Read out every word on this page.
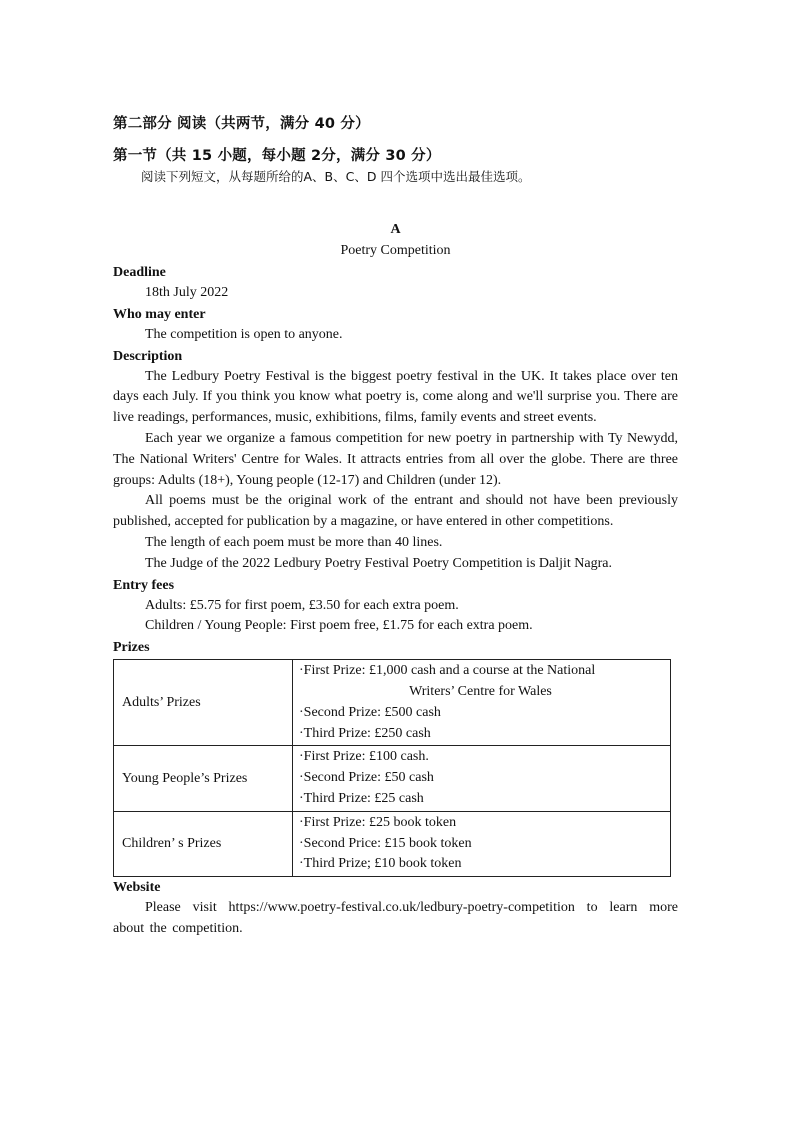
第二部分 阅读（共两节，满分 40 分）

第一节（共 15 小题，每小题 2分，满分 30 分）

阅读下列短文，从每题所给的A、B、C、D 四个选项中选出最佳选项。

A
Poetry Competition

Deadline

18th July 2022

Who may enter

The competition is open to anyone.

Description

The Ledbury Poetry Festival is the biggest poetry festival in the UK. It takes place over ten days each July. If you think you know what poetry is, come along and we'll surprise you. There are live readings, performances, music, exhibitions, films, family events and street events.

Each year we organize a famous competition for new poetry in partnership with Ty Newydd, The National Writers' Centre for Wales. It attracts entries from all over the globe. There are three groups: Adults (18+), Young people (12-17) and Children (under 12).

All poems must be the original work of the entrant and should not have been previously published, accepted for publication by a magazine, or have entered in other competitions.

The length of each poem must be more than 40 lines.

The Judge of the 2022 Ledbury Poetry Festival Poetry Competition is Daljit Nagra.

Entry fees

Adults: £5.75 for first poem, £3.50 for each extra poem.

Children / Young People: First poem free, £1.75 for each extra poem.

Prizes

Adults’ Prizes	·First Prize: £1,000 cash and a course at the National
Writers’ Centre for Wales
·Second Prize: £500 cash
·Third Prize: £250 cash

Young People’s Prizes	·First Prize: £100 cash.
·Second Prize: £50 cash
·Third Prize: £25 cash

Children’ s Prizes	·First Prize: £25 book token
·Second Price: £15 book token
·Third Prize; £10 book token

Website

Please visit https://www.poetry-festival.co.uk/ledbury-poetry-competition to learn more about the competition.
